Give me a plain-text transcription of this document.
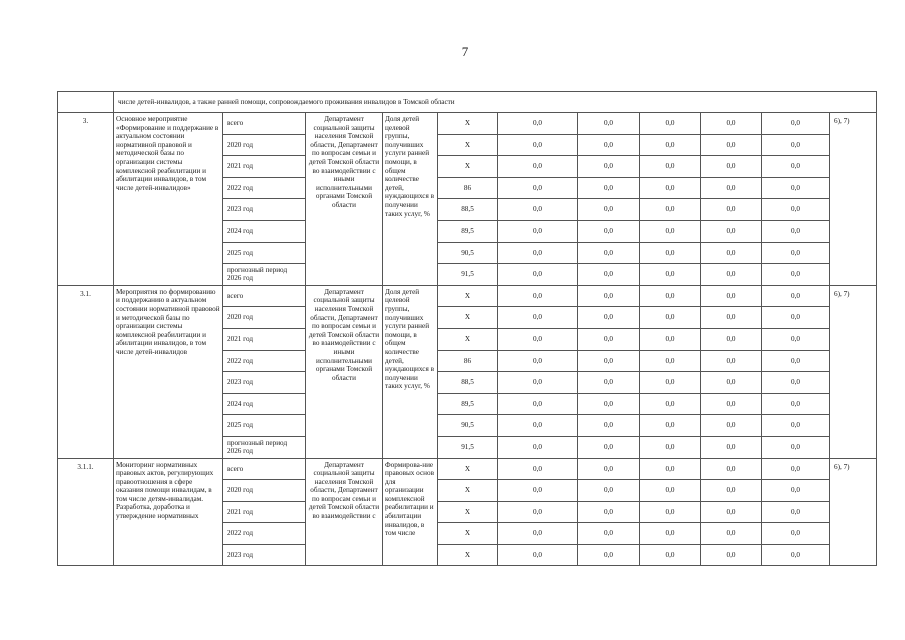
7
	числе детей-инвалидов, а также ранней помощи, сопровождаемого проживания инвалидов в Томской области										
3.	Основное мероприятие «Формирование и поддержание в актуальном состоянии нормативной правовой и методической базы по организации системы комплексной реабилитации и абилитации инвалидов, в том числе детей-инвалидов»	всего	Департамент социальной защиты населения Томской области, Департамент по вопросам семьи и детей Томской области во взаимодействии с иными исполнительными органами Томской области	Доля детей целевой группы, получивших услуги ранней помощи, в общем количестве детей, нуждающихся в получении таких услуг, %	X	0,0	0,0	0,0	0,0	0,0	6), 7)
		2020 год			X	0,0	0,0	0,0	0,0	0,0	
		2021 год			X	0,0	0,0	0,0	0,0	0,0	
		2022 год			86	0,0	0,0	0,0	0,0	0,0	
		2023 год			88,5	0,0	0,0	0,0	0,0	0,0	
		2024 год			89,5	0,0	0,0	0,0	0,0	0,0	
		2025 год			90,5	0,0	0,0	0,0	0,0	0,0	
		прогнозный период 2026 год			91,5	0,0	0,0	0,0	0,0	0,0	
3.1.	Мероприятия по формированию и поддержанию в актуальном состоянии нормативной правовой и методической базы по организации системы комплексной реабилитации и абилитации инвалидов, в том числе детей-инвалидов	всего	Департамент социальной защиты населения Томской области, Департамент по вопросам семьи и детей Томской области во взаимодействии с иными исполнительными органами Томской области	Доля детей целевой группы, получивших услуги ранней помощи, в общем количестве детей, нуждающихся в получении таких услуг, %	X	0,0	0,0	0,0	0,0	0,0	6), 7)
		2020 год			X	0,0	0,0	0,0	0,0	0,0	
		2021 год			X	0,0	0,0	0,0	0,0	0,0	
		2022 год			86	0,0	0,0	0,0	0,0	0,0	
		2023 год			88,5	0,0	0,0	0,0	0,0	0,0	
		2024 год			89,5	0,0	0,0	0,0	0,0	0,0	
		2025 год			90,5	0,0	0,0	0,0	0,0	0,0	
		прогнозный период 2026 год			91,5	0,0	0,0	0,0	0,0	0,0	
3.1.1.	Мониторинг нормативных правовых актов, регулирующих правоотношения в сфере оказания помощи инвалидам, в том числе детям-инвалидам. Разработка, доработка и утверждение нормативных	всего	Департамент социальной защиты населения Томской области, Департамент по вопросам семьи и детей Томской области во взаимодействии с	Формирова-ние правовых основ для организации комплексной реабилитации и абилитации инвалидов, в том числе	X	0,0	0,0	0,0	0,0	0,0	6), 7)
		2020 год			X	0,0	0,0	0,0	0,0	0,0	
		2021 год			X	0,0	0,0	0,0	0,0	0,0	
		2022 год			X	0,0	0,0	0,0	0,0	0,0	
		2023 год			X	0,0	0,0	0,0	0,0	0,0	
